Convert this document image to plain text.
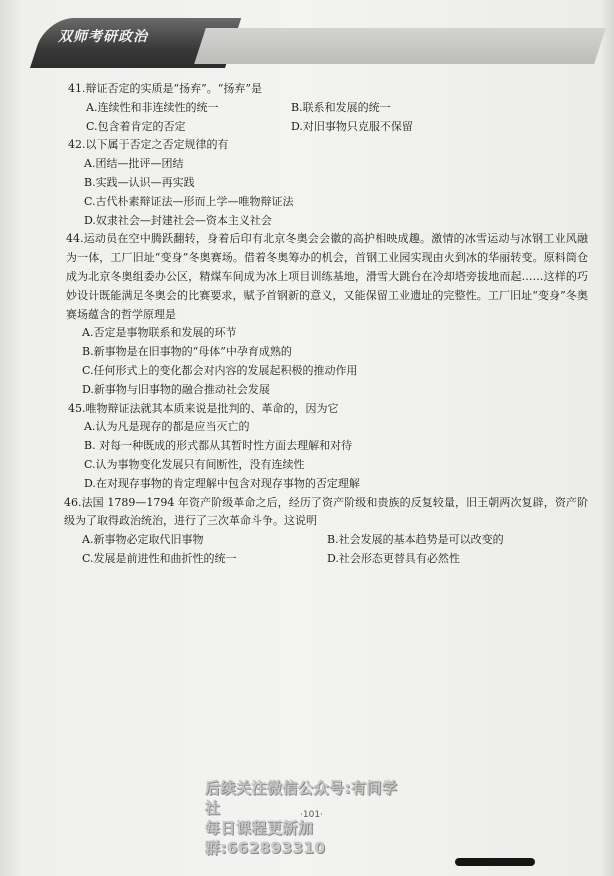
双师考研政治
41.辩证否定的实质是“扬弃”。“扬弃”是
A.连续性和非连续性的统一	B.联系和发展的统一
C.包含着肯定的否定	D.对旧事物只克服不保留
42.以下属于否定之否定规律的有
A.团结—批评—团结
B.实践—认识—再实践
C.古代朴素辩证法—形而上学—唯物辩证法
D.奴隶社会—封建社会—资本主义社会
44.运动员在空中腾跃翻转，身着后印有北京冬奥会会徽的高护相映成趣。激情的冰雪运动与冰钢工业风融为一体，工厂旧址“变身”冬奥赛场。借着冬奥筹办的机会，首钢工业园实现由火到冰的华丽转变。原料筒仓成为北京冬奥组委办公区，精煤车间成为冰上项目训练基地，滑雪大跳台在冷却塔旁拔地而起……这样的巧妙设计既能满足冬奥会的比赛要求，赋予首钢新的意义，又能保留工业遗址的完整性。工厂旧址“变身”冬奥赛场蕴含的哲学原理是
A.否定是事物联系和发展的环节
B.新事物是在旧事物的“母体”中孕育成熟的
C.任何形式上的变化都会对内容的发展起积极的推动作用
D.新事物与旧事物的融合推动社会发展
45.唯物辩证法就其本质来说是批判的、革命的，因为它
A.认为凡是现存的都是应当灭亡的
B. 对每一种既成的形式都从其暂时性方面去理解和对待
C.认为事物变化发展只有间断性，没有连续性
D.在对现存事物的肯定理解中包含对现存事物的否定理解
46.法国 1789—1794 年资产阶级革命之后，经历了资产阶级和贵族的反复较量，旧王朝两次复辟，资产阶级为了取得政治统治，进行了三次革命斗争。这说明
A.新事物必定取代旧事物	B.社会发展的基本趋势是可以改变的
C.发展是前进性和曲折性的统一	D.社会形态更替具有必然性
后续关注微信公众号:有间学社
每日课程更新加群:662893310
·101·
